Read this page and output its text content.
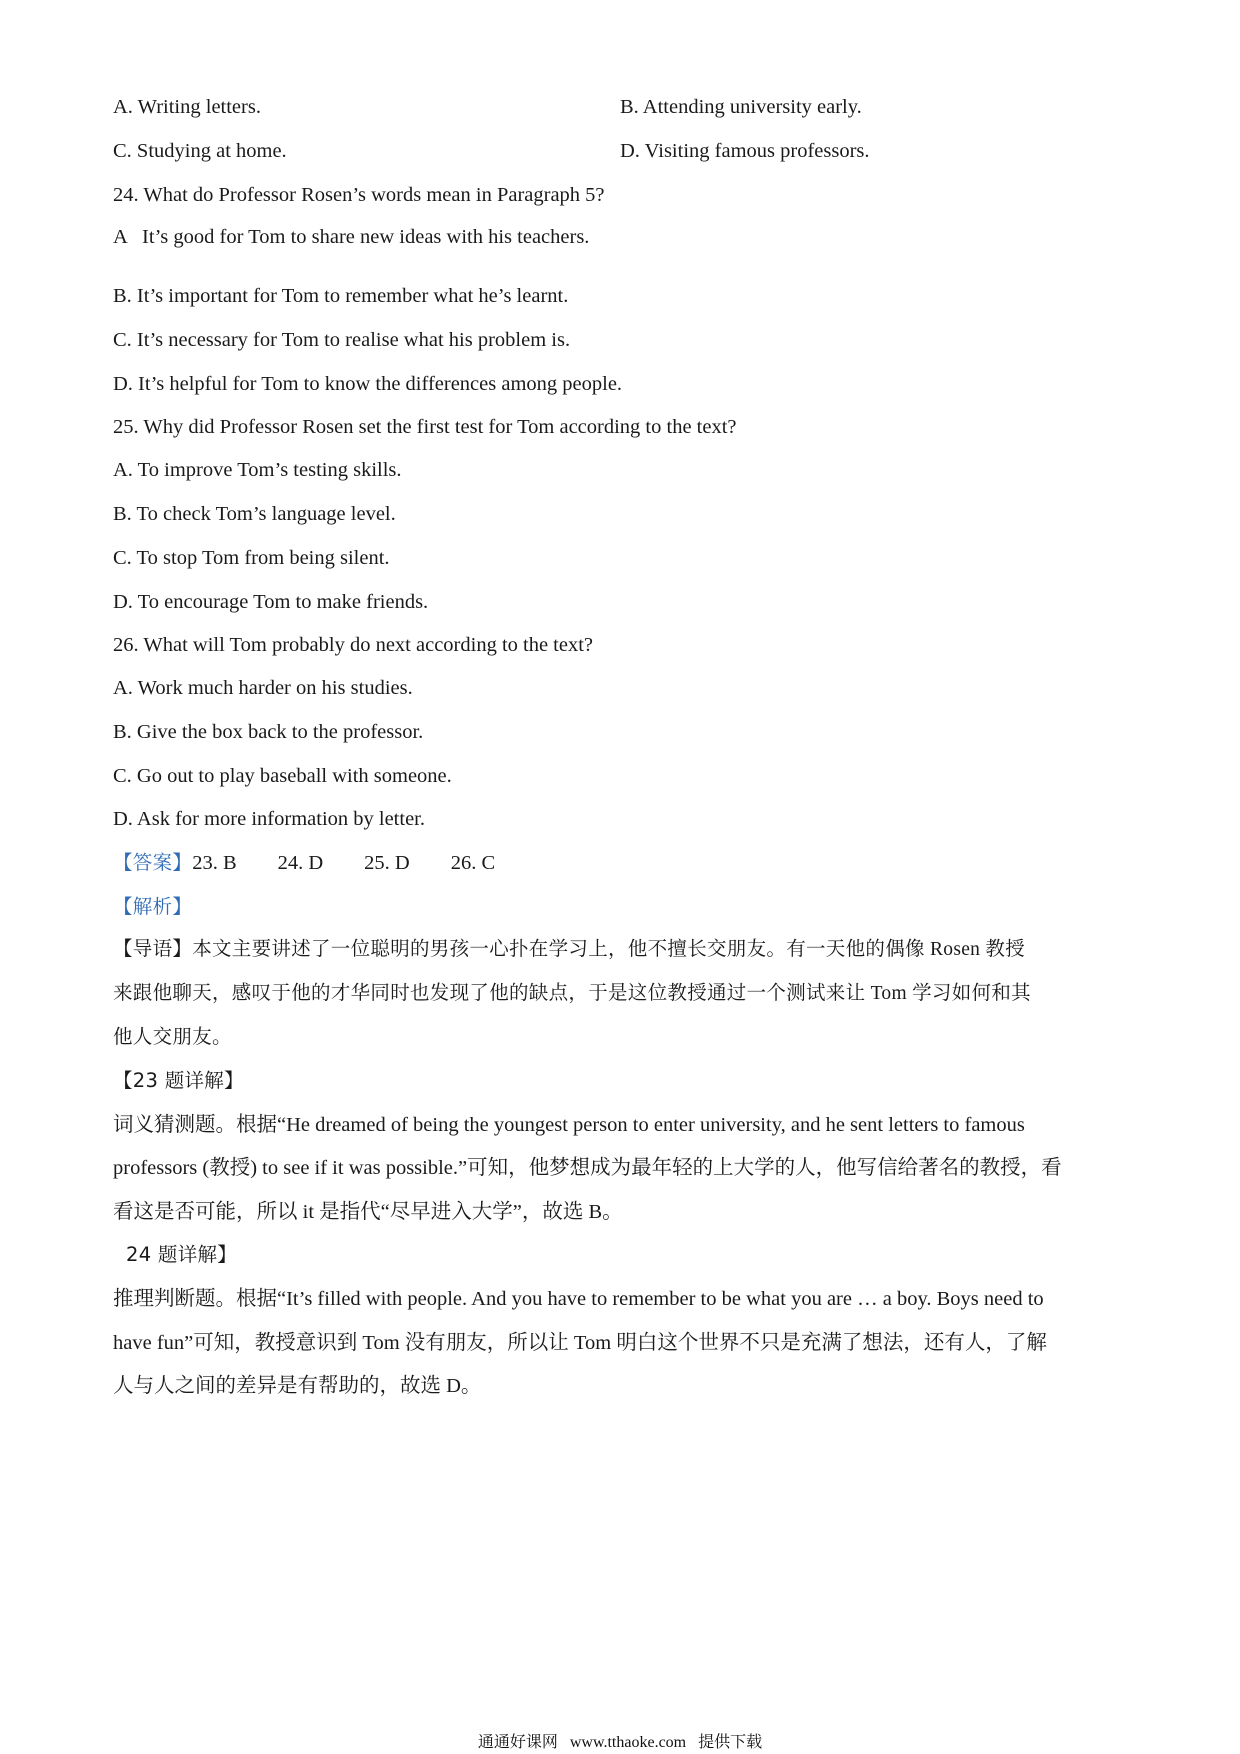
A. Writing letters.	B. Attending university early.
C. Studying at home.	D. Visiting famous professors.
24. What do Professor Rosen’s words mean in Paragraph 5?
A   It’s good for Tom to share new ideas with his teachers.
B. It’s important for Tom to remember what he’s learnt.
C. It’s necessary for Tom to realise what his problem is.
D. It’s helpful for Tom to know the differences among people.
25. Why did Professor Rosen set the first test for Tom according to the text?
A. To improve Tom’s testing skills.
B. To check Tom’s language level.
C. To stop Tom from being silent.
D. To encourage Tom to make friends.
26. What will Tom probably do next according to the text?
A. Work much harder on his studies.
B. Give the box back to the professor.
C. Go out to play baseball with someone.
D. Ask for more information by letter.
【答案】23. B        24. D        25. D        26. C
【解析】
【导语】本文主要讲述了一位聪明的男孩一心扑在学习上，他不擅长交朋友。有一天他的偶像 Rosen 教授
来跟他聊天，感叹于他的才华同时也发现了他的缺点，于是这位教授通过一个测试来让 Tom 学习如何和其
他人交朋友。
【23 题详解】
词义猜测题。根据“He dreamed of being the youngest person to enter university, and he sent letters to famous
professors (教授) to see if it was possible.”可知，他梦想成为最年轻的上大学的人，他写信给著名的教授，看
看这是否可能，所以 it 是指代“尽早进入大学”，故选 B。
24 题详解】
推理判断题。根据“It’s filled with people. And you have to remember to be what you are … a boy. Boys need to
have fun”可知，教授意识到 Tom 没有朋友，所以让 Tom 明白这个世界不只是充满了想法，还有人，了解
人与人之间的差异是有帮助的，故选 D。
通通好课网 www.tthaoke.com 提供下载
